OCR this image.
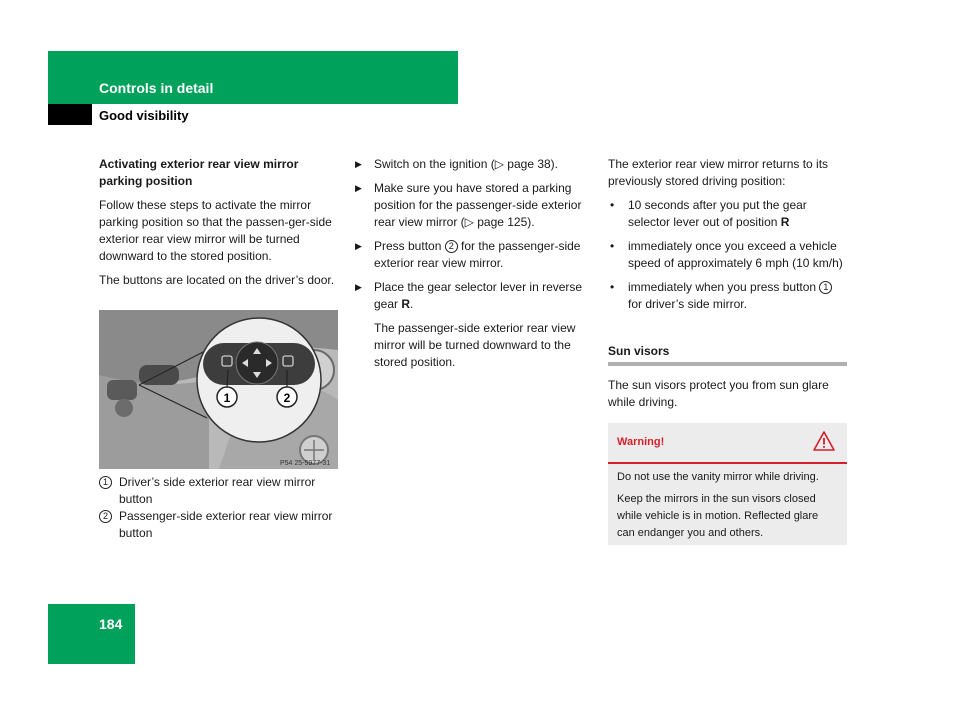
Controls in detail
Good visibility

Activating exterior rear view mirror parking position

Follow these steps to activate the mirror parking position so that the passen-ger-side exterior rear view mirror will be turned downward to the stored position.

The buttons are located on the driver’s door.

1	2
P54 25-5977-31
1 Driver’s side exterior rear view mirror button
2 Passenger-side exterior rear view mirror button
▶ Switch on the ignition (▷ page 38).
▶ Make sure you have stored a parking position for the passenger-side exterior rear view mirror (▷ page 125).
▶ Press button 2 for the passenger-side exterior rear view mirror.
▶ Place the gear selector lever in reverse gear R.

The passenger-side exterior rear view mirror will be turned downward to the stored position.

The exterior rear view mirror returns to its previously stored driving position:

• 10 seconds after you put the gear selector lever out of position R
• immediately once you exceed a vehicle speed of approximately 6 mph (10 km/h)
• immediately when you press button 1 for driver’s side mirror.
Sun visors
The sun visors protect you from sun glare while driving.
Warning!

Do not use the vanity mirror while driving.

Keep the mirrors in the sun visors closed while vehicle is in motion. Reflected glare can endanger you and others.

184
